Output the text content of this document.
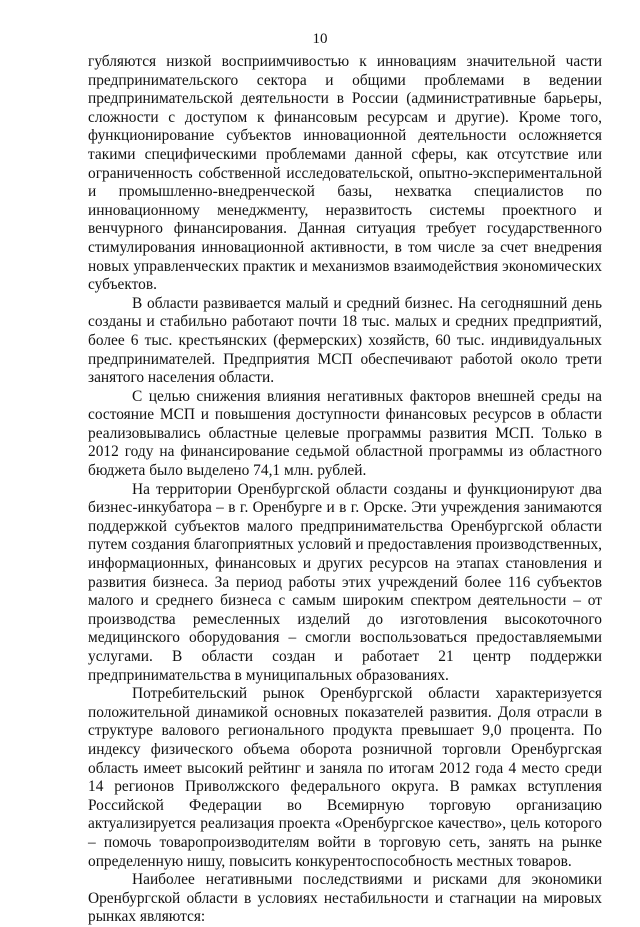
10

губляются низкой восприимчивостью к инновациям значительной части предпринимательского сектора и общими проблемами в ведении предпринимательской деятельности в России (административные барьеры, сложности с доступом к финансовым ресурсам и другие). Кроме того, функционирование субъектов инновационной деятельности осложняется такими специфическими проблемами данной сферы, как отсутствие или ограниченность собственной исследовательской, опытно-экспериментальной и промышленно-внедренческой базы, нехватка специалистов по инновационному менеджменту, неразвитость системы проектного и венчурного финансирования. Данная ситуация требует государственного стимулирования инновационной активности, в том числе за счет внедрения новых управленческих практик и механизмов взаимодействия экономических субъектов.

В области развивается малый и средний бизнес. На сегодняшний день созданы и стабильно работают почти 18 тыс. малых и средних предприятий, более 6 тыс. крестьянских (фермерских) хозяйств, 60 тыс. индивидуальных предпринимателей. Предприятия МСП обеспечивают работой около трети занятого населения области.

С целью снижения влияния негативных факторов внешней среды на состояние МСП и повышения доступности финансовых ресурсов в области реализовывались областные целевые программы развития МСП. Только в 2012 году на финансирование седьмой областной программы из областного бюджета было выделено 74,1 млн. рублей.

На территории Оренбургской области созданы и функционируют два бизнес-инкубатора – в г. Оренбурге и в г. Орске. Эти учреждения занимаются поддержкой субъектов малого предпринимательства Оренбургской области путем создания благоприятных условий и предоставления производственных, информационных, финансовых и других ресурсов на этапах становления и развития бизнеса. За период работы этих учреждений более 116 субъектов малого и среднего бизнеса с самым широким спектром деятельности – от производства ремесленных изделий до изготовления высокоточного медицинского оборудования – смогли воспользоваться предоставляемыми услугами. В области создан и работает 21 центр поддержки предпринимательства в муниципальных образованиях.

Потребительский рынок Оренбургской области характеризуется положительной динамикой основных показателей развития. Доля отрасли в структуре валового регионального продукта превышает 9,0 процента. По индексу физического объема оборота розничной торговли Оренбургская область имеет высокий рейтинг и заняла по итогам 2012 года 4 место среди 14 регионов Приволжского федерального округа. В рамках вступления Российской Федерации во Всемирную торговую организацию актуализируется реализация проекта «Оренбургское качество», цель которого – помочь товаропроизводителям войти в торговую сеть, занять на рынке определенную нишу, повысить конкурентоспособность местных товаров.

Наиболее негативными последствиями и рисками для экономики Оренбургской области в условиях нестабильности и стагнации на мировых рынках являются:
